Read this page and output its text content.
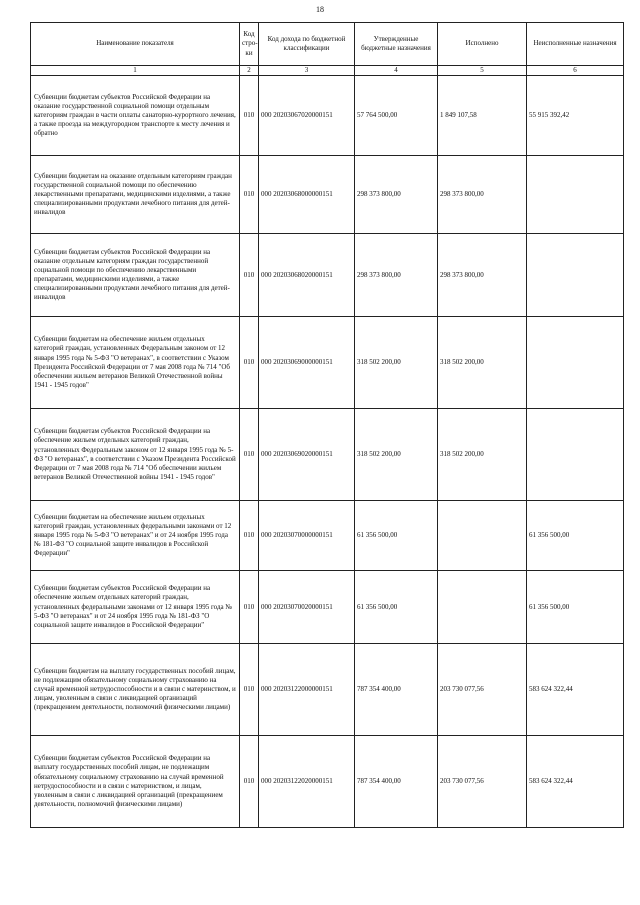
18
Наименование показателя	Код стро-ки	Код дохода по бюджетной классификации	Утвержденные бюджетные назначения	Исполнено	Неисполненные назначения
1	2	3	4	5	6
Субвенции бюджетам субъектов Российской Федерации на оказание государственной социальной помощи отдельным категориям граждан в части оплаты санаторно-курортного лечения, а также проезда на междугородном транспорте к месту лечения и обратно	010	000 20203067020000151	57 764 500,00	1 849 107,58	55 915 392,42
Субвенции бюджетам на оказание отдельным категориям граждан государственной социальной помощи по обеспечению лекарственными препаратами, медицинскими изделиями, а также специализированными продуктами лечебного питания для детей-инвалидов	010	000 20203068000000151	298 373 800,00	298 373 800,00	
Субвенции бюджетам субъектов Российской Федерации на оказание отдельным категориям граждан государственной социальной помощи по обеспечению лекарственными препаратами, медицинскими изделиями, а также специализированными продуктами лечебного питания для детей-инвалидов	010	000 20203068020000151	298 373 800,00	298 373 800,00	
Субвенции бюджетам на обеспечение жильем отдельных категорий граждан, установленных Федеральным законом от 12 января 1995 года № 5-ФЗ "О ветеранах", в соответствии с Указом Президента Российской Федерации от 7 мая 2008 года № 714 "Об обеспечении жильем ветеранов Великой Отечественной войны 1941 - 1945 годов"	010	000 20203069000000151	318 502 200,00	318 502 200,00	
Субвенции бюджетам субъектов Российской Федерации на обеспечение жильем отдельных категорий граждан, установленных Федеральным законом от 12 января 1995 года № 5-ФЗ "О ветеранах", в соответствии с Указом Президента Российской Федерации от 7 мая 2008 года № 714 "Об обеспечении жильем ветеранов Великой Отечественной войны 1941 - 1945 годов"	010	000 20203069020000151	318 502 200,00	318 502 200,00	
Субвенции бюджетам на обеспечение жильем отдельных категорий граждан, установленных федеральными законами от 12 января 1995 года № 5-ФЗ "О ветеранах" и от 24 ноября 1995 года № 181-ФЗ "О социальной защите инвалидов в Российской Федерации"	010	000 20203070000000151	61 356 500,00		61 356 500,00
Субвенции бюджетам субъектов Российской Федерации на обеспечение жильем отдельных категорий граждан, установленных федеральными законами от 12 января 1995 года № 5-ФЗ "О ветеранах" и от 24 ноября 1995 года № 181-ФЗ "О социальной защите инвалидов в Российской Федерации"	010	000 20203070020000151	61 356 500,00		61 356 500,00
Субвенции бюджетам на выплату государственных пособий лицам, не подлежащим обязательному социальному страхованию на случай временной нетрудоспособности и в связи с материнством, и лицам, уволенным в связи с ликвидацией организаций (прекращением деятельности, полномочий физическими лицами)	010	000 20203122000000151	787 354 400,00	203 730 077,56	583 624 322,44
Субвенции бюджетам субъектов Российской Федерации на выплату государственных пособий лицам, не подлежащим обязательному социальному страхованию на случай временной нетрудоспособности и в связи с материнством, и лицам, уволенным в связи с ликвидацией организаций (прекращением деятельности, полномочий физическими лицами)	010	000 20203122020000151	787 354 400,00	203 730 077,56	583 624 322,44
